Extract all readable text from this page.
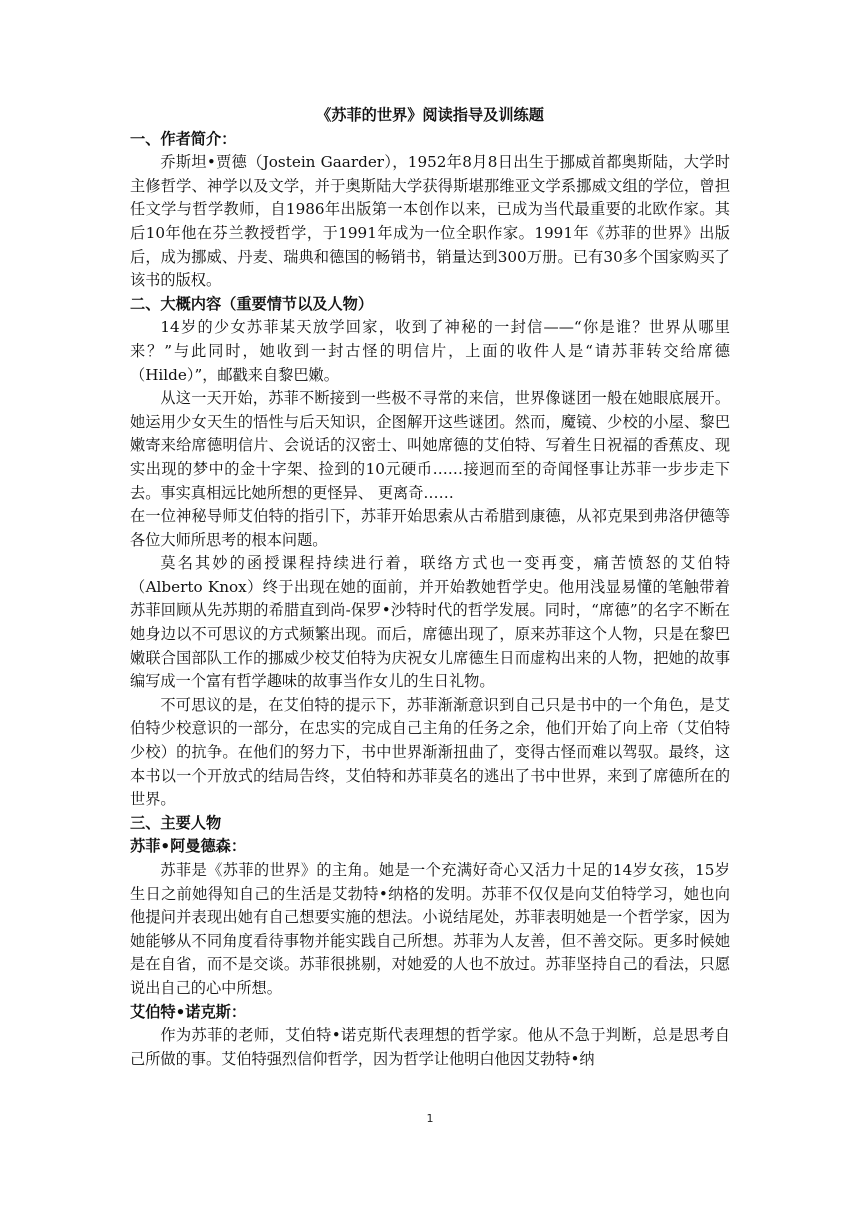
《苏菲的世界》阅读指导及训练题

一、作者简介：

乔斯坦•贾德（Jostein Gaarder），1952年8月8日出生于挪威首都奥斯陆，大学时主修哲学、神学以及文学，并于奥斯陆大学获得斯堪那维亚文学系挪威文组的学位，曾担任文学与哲学教师，自1986年出版第一本创作以来，已成为当代最重要的北欧作家。其后10年他在芬兰教授哲学，于1991年成为一位全职作家。1991年《苏菲的世界》出版后，成为挪威、丹麦、瑞典和德国的畅销书，销量达到300万册。已有30多个国家购买了该书的版权。

二、大概内容（重要情节以及人物）

14岁的少女苏菲某天放学回家，收到了神秘的一封信——“你是谁？世界从哪里来？”与此同时，她收到一封古怪的明信片，上面的收件人是“请苏菲转交给席德（Hilde）”，邮戳来自黎巴嫩。

从这一天开始，苏菲不断接到一些极不寻常的来信，世界像谜团一般在她眼底展开。她运用少女天生的悟性与后天知识，企图解开这些谜团。然而，魔镜、少校的小屋、黎巴嫩寄来给席德明信片、会说话的汉密士、叫她席德的艾伯特、写着生日祝福的香蕉皮、现实出现的梦中的金十字架、捡到的10元硬币……接迥而至的奇闻怪事让苏菲一步步走下去。事实真相远比她所想的更怪异、 更离奇……

在一位神秘导师艾伯特的指引下，苏菲开始思索从古希腊到康德，从祁克果到弗洛伊德等各位大师所思考的根本问题。

莫名其妙的函授课程持续进行着，联络方式也一变再变，痛苦愤怒的艾伯特（Alberto Knox）终于出现在她的面前，并开始教她哲学史。他用浅显易懂的笔触带着苏菲回顾从先苏期的希腊直到尚-保罗•沙特时代的哲学发展。同时，“席德”的名字不断在她身边以不可思议的方式频繁出现。而后，席德出现了，原来苏菲这个人物，只是在黎巴嫩联合国部队工作的挪威少校艾伯特为庆祝女儿席德生日而虚构出来的人物，把她的故事编写成一个富有哲学趣味的故事当作女儿的生日礼物。

不可思议的是，在艾伯特的提示下，苏菲渐渐意识到自己只是书中的一个角色，是艾伯特少校意识的一部分，在忠实的完成自己主角的任务之余，他们开始了向上帝（艾伯特少校）的抗争。在他们的努力下，书中世界渐渐扭曲了，变得古怪而难以驾驭。最终，这本书以一个开放式的结局告终，艾伯特和苏菲莫名的逃出了书中世界，来到了席德所在的世界。

三、主要人物

苏菲•阿曼德森：

苏菲是《苏菲的世界》的主角。她是一个充满好奇心又活力十足的14岁女孩，15岁生日之前她得知自己的生活是艾勃特•纳格的发明。苏菲不仅仅是向艾伯特学习，她也向他提问并表现出她有自己想要实施的想法。小说结尾处，苏菲表明她是一个哲学家，因为她能够从不同角度看待事物并能实践自己所想。苏菲为人友善，但不善交际。更多时候她是在自省，而不是交谈。苏菲很挑剔，对她爱的人也不放过。苏菲坚持自己的看法，只愿说出自己的心中所想。

艾伯特•诺克斯：

作为苏菲的老师，艾伯特•诺克斯代表理想的哲学家。他从不急于判断，总是思考自己所做的事。艾伯特强烈信仰哲学，因为哲学让他明白他因艾勃特•纳

1
